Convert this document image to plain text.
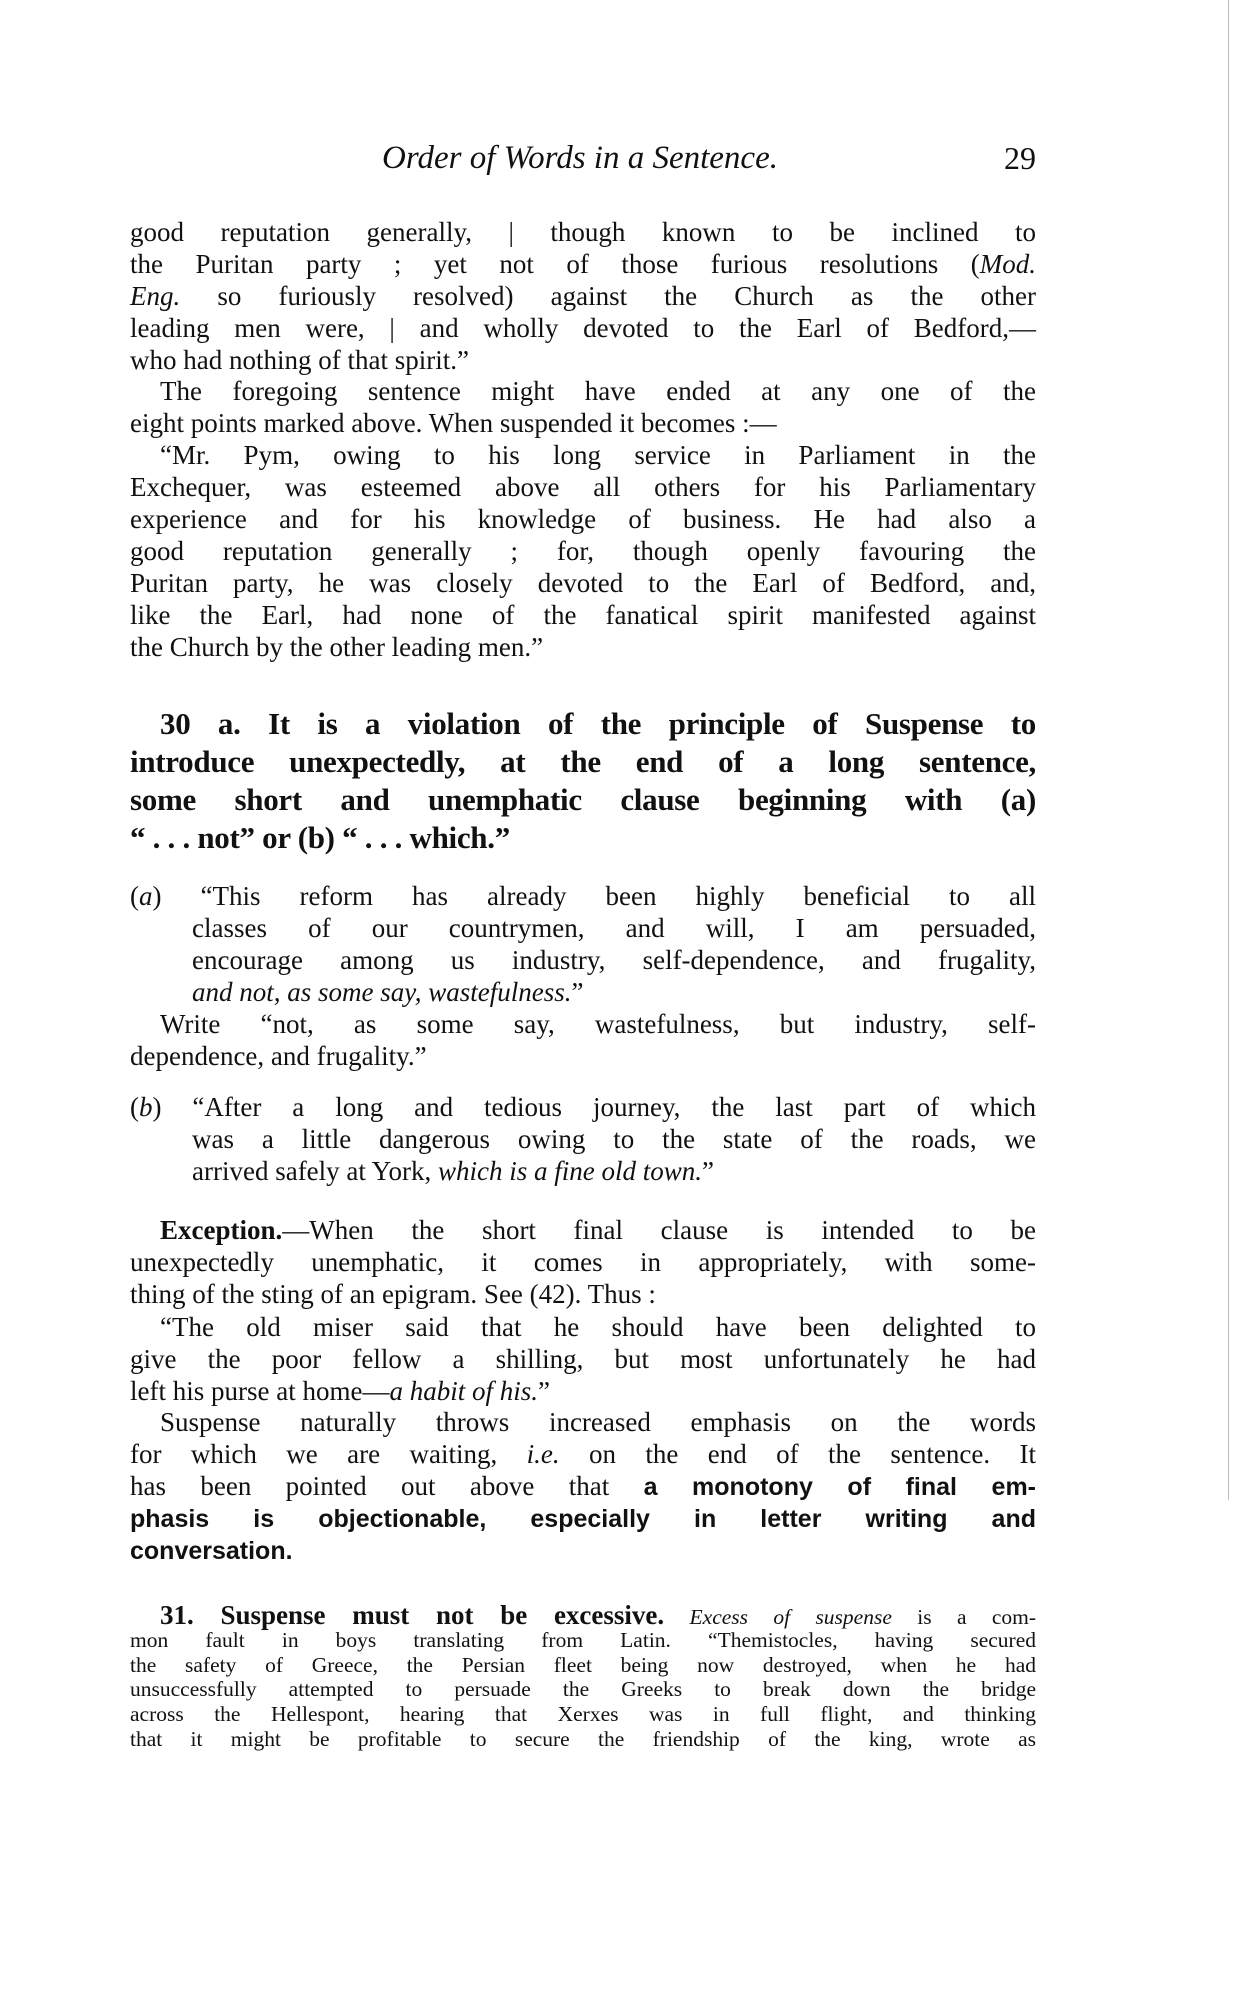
Order of Words in a Sentence.	29
good reputation generally, | though known to be inclined to
the Puritan party ; yet not of those furious resolutions (Mod.
Eng. so furiously resolved) against the Church as the other
leading men were, | and wholly devoted to the Earl of Bedford,—
who had nothing of that spirit.”
The foregoing sentence might have ended at any one of the
eight points marked above. When suspended it becomes :—
“Mr. Pym, owing to his long service in Parliament in the
Exchequer, was esteemed above all others for his Parliamentary
experience and for his knowledge of business. He had also a
good reputation generally ; for, though openly favouring the
Puritan party, he was closely devoted to the Earl of Bedford, and,
like the Earl, had none of the fanatical spirit manifested against
the Church by the other leading men.”
30 a. It is a violation of the principle of Suspense to
introduce unexpectedly, at the end of a long sentence,
some short and unemphatic clause beginning with (a)
“ . . . not” or (b) “ . . . which.”
(a) “This reform has already been highly beneficial to all
classes of our countrymen, and will, I am persuaded,
encourage among us industry, self-dependence, and frugality,
and not, as some say, wastefulness.”
Write “not, as some say, wastefulness, but industry, self-
dependence, and frugality.”
(b) “After a long and tedious journey, the last part of which
was a little dangerous owing to the state of the roads, we
arrived safely at York, which is a fine old town.”
Exception.—When the short final clause is intended to be
unexpectedly unemphatic, it comes in appropriately, with some-
thing of the sting of an epigram. See (42). Thus :
“The old miser said that he should have been delighted to
give the poor fellow a shilling, but most unfortunately he had
left his purse at home—a habit of his.”
Suspense naturally throws increased emphasis on the words
for which we are waiting, i.e. on the end of the sentence. It
has been pointed out above that a monotony of final em-
phasis is objectionable, especially in letter writing and
conversation.
31. Suspense must not be excessive. Excess of suspense is a com-
mon fault in boys translating from Latin. “Themistocles, having secured
the safety of Greece, the Persian fleet being now destroyed, when he had
unsuccessfully attempted to persuade the Greeks to break down the bridge
across the Hellespont, hearing that Xerxes was in full flight, and thinking
that it might be profitable to secure the friendship of the king, wrote as
